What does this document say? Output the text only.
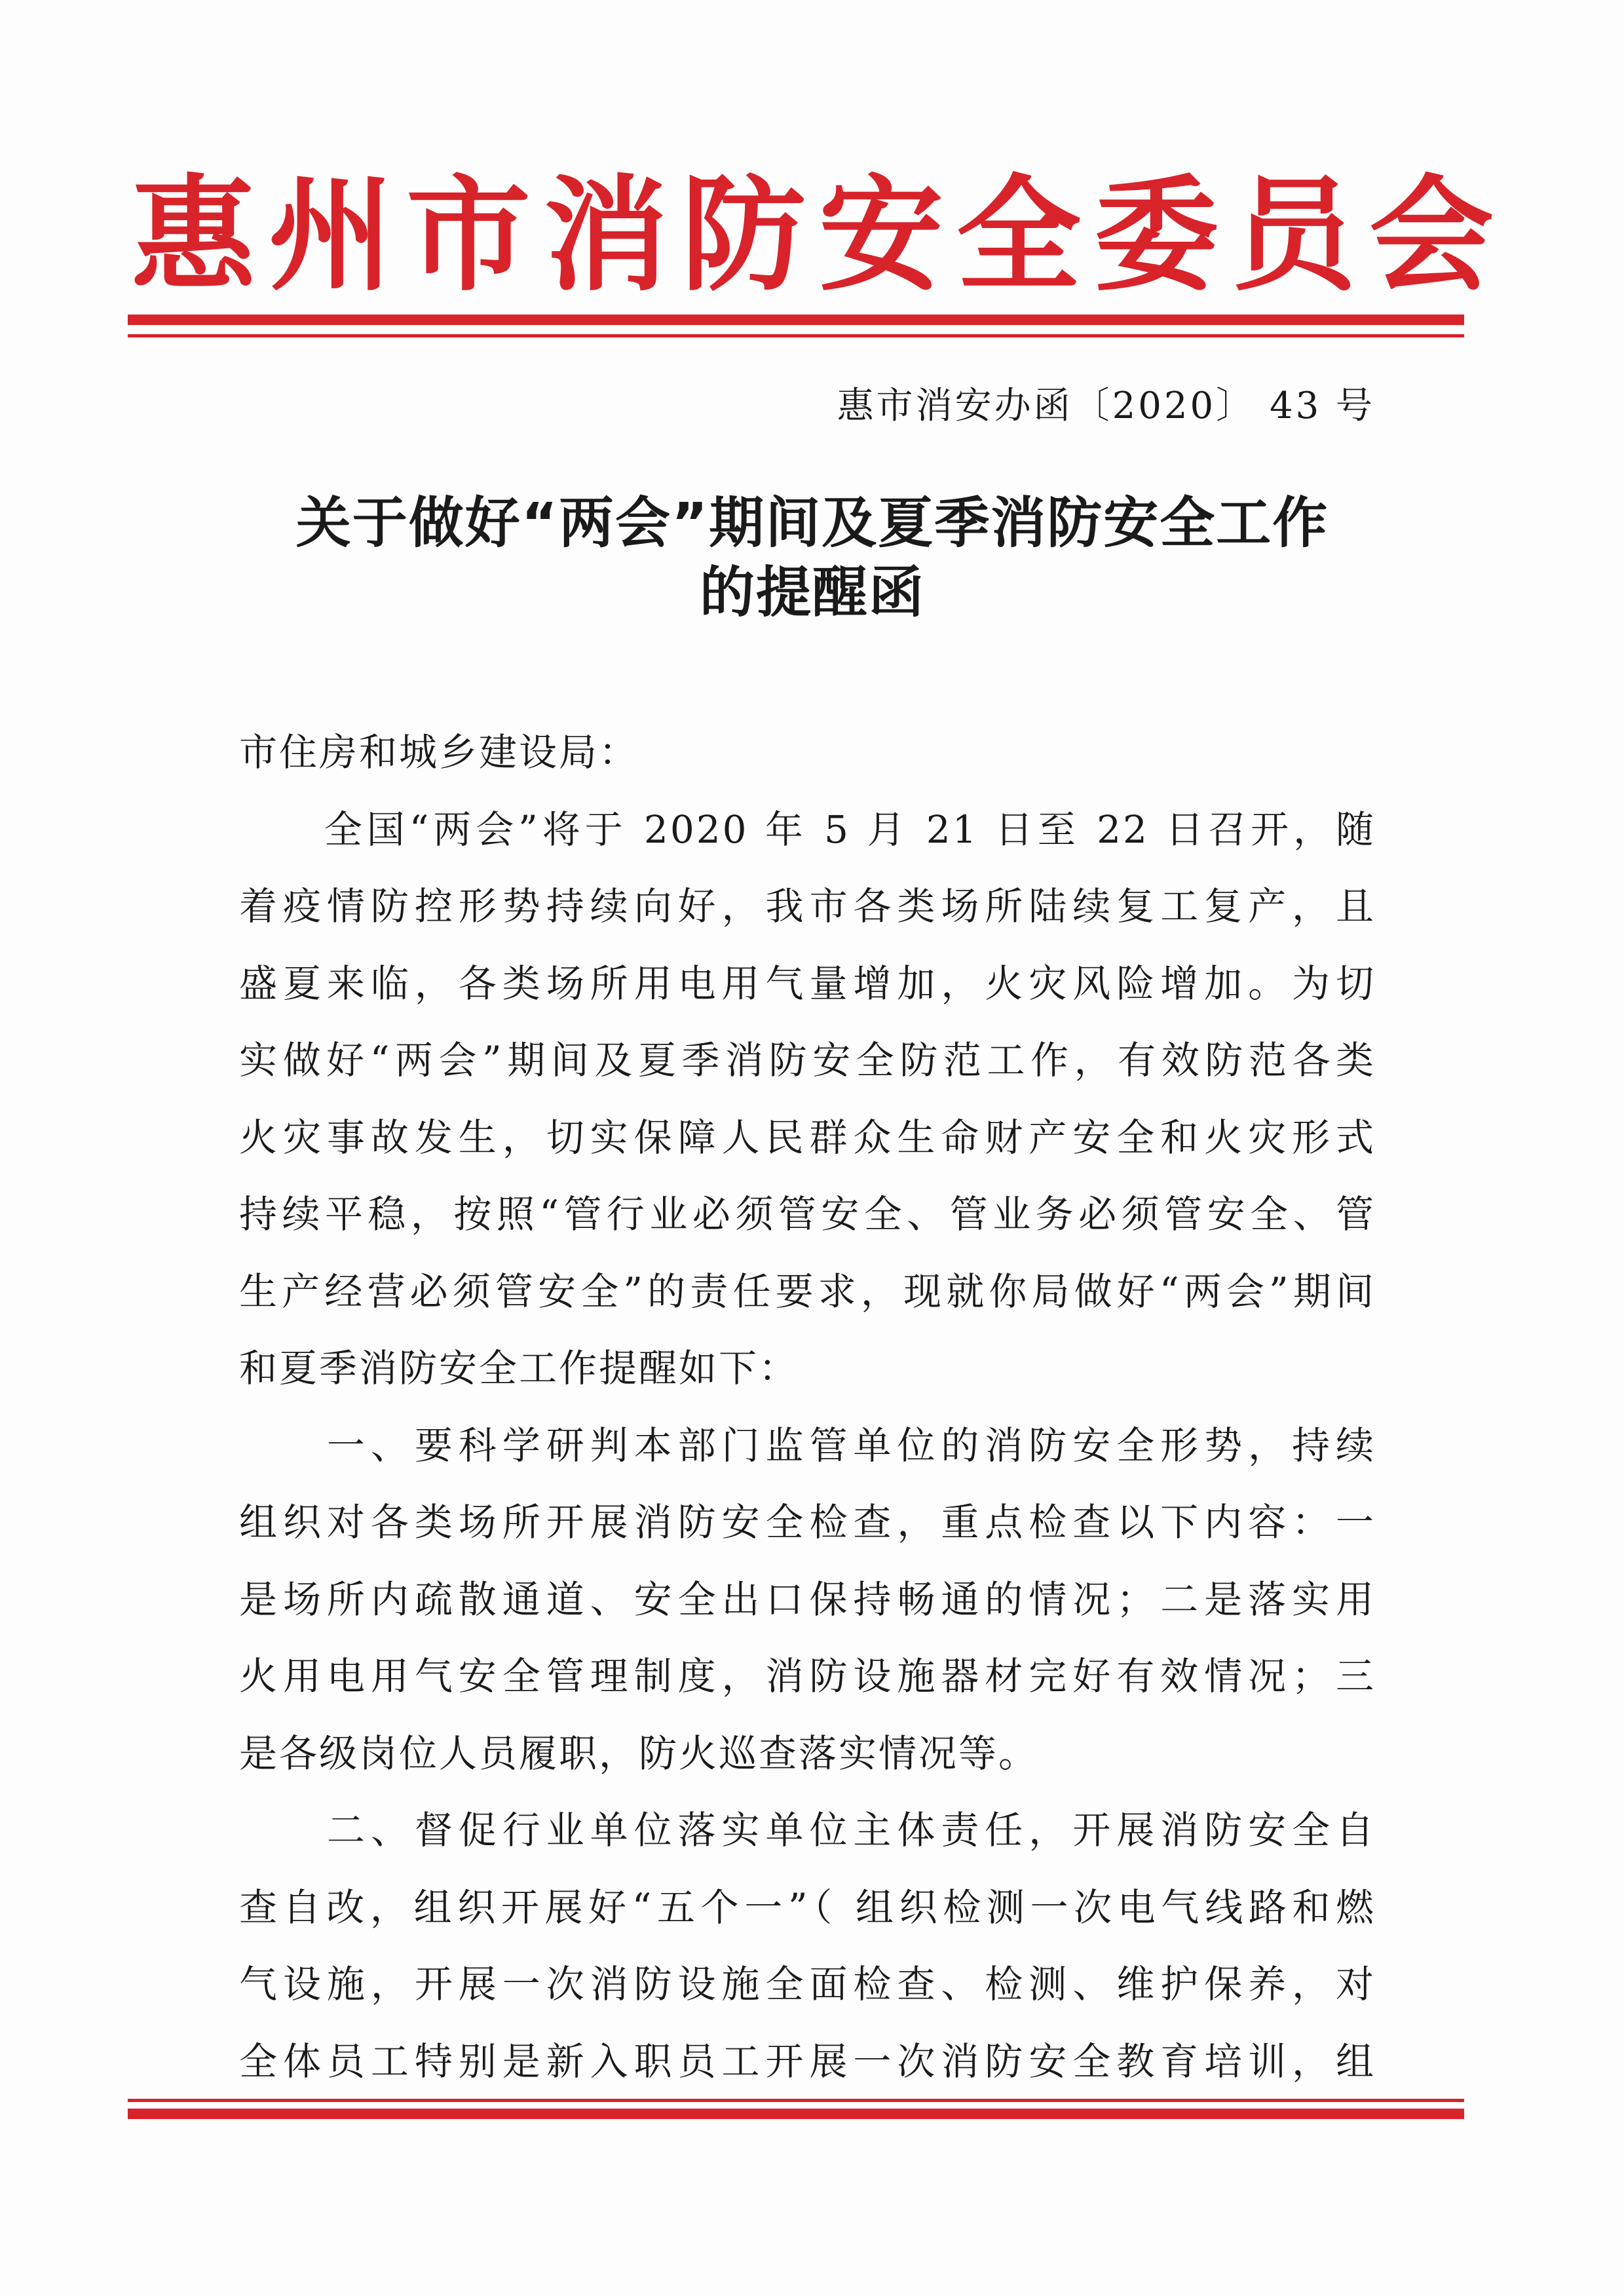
惠州市消防安全委员会
惠市消安办函〔2020〕 43 号
关于做好“两会”期间及夏季消防安全工作
的提醒函
市住房和城乡建设局：
　　全国“两会”将于 2020 年 5 月 21 日至 22 日召开，随
着疫情防控形势持续向好，我市各类场所陆续复工复产，且
盛夏来临，各类场所用电用气量增加，火灾风险增加。为切
实做好“两会”期间及夏季消防安全防范工作，有效防范各类
火灾事故发生，切实保障人民群众生命财产安全和火灾形式
持续平稳，按照“管行业必须管安全、管业务必须管安全、管
生产经营必须管安全”的责任要求，现就你局做好“两会”期间
和夏季消防安全工作提醒如下：
　　一、要科学研判本部门监管单位的消防安全形势，持续
组织对各类场所开展消防安全检查，重点检查以下内容：一
是场所内疏散通道、安全出口保持畅通的情况；二是落实用
火用电用气安全管理制度，消防设施器材完好有效情况；三
是各级岗位人员履职，防火巡查落实情况等。
　　二、督促行业单位落实单位主体责任，开展消防安全自
查自改，组织开展好“五个一”（ 组织检测一次电气线路和燃
气设施，开展一次消防设施全面检查、检测、维护保养，对
全体员工特别是新入职员工开展一次消防安全教育培训，组
